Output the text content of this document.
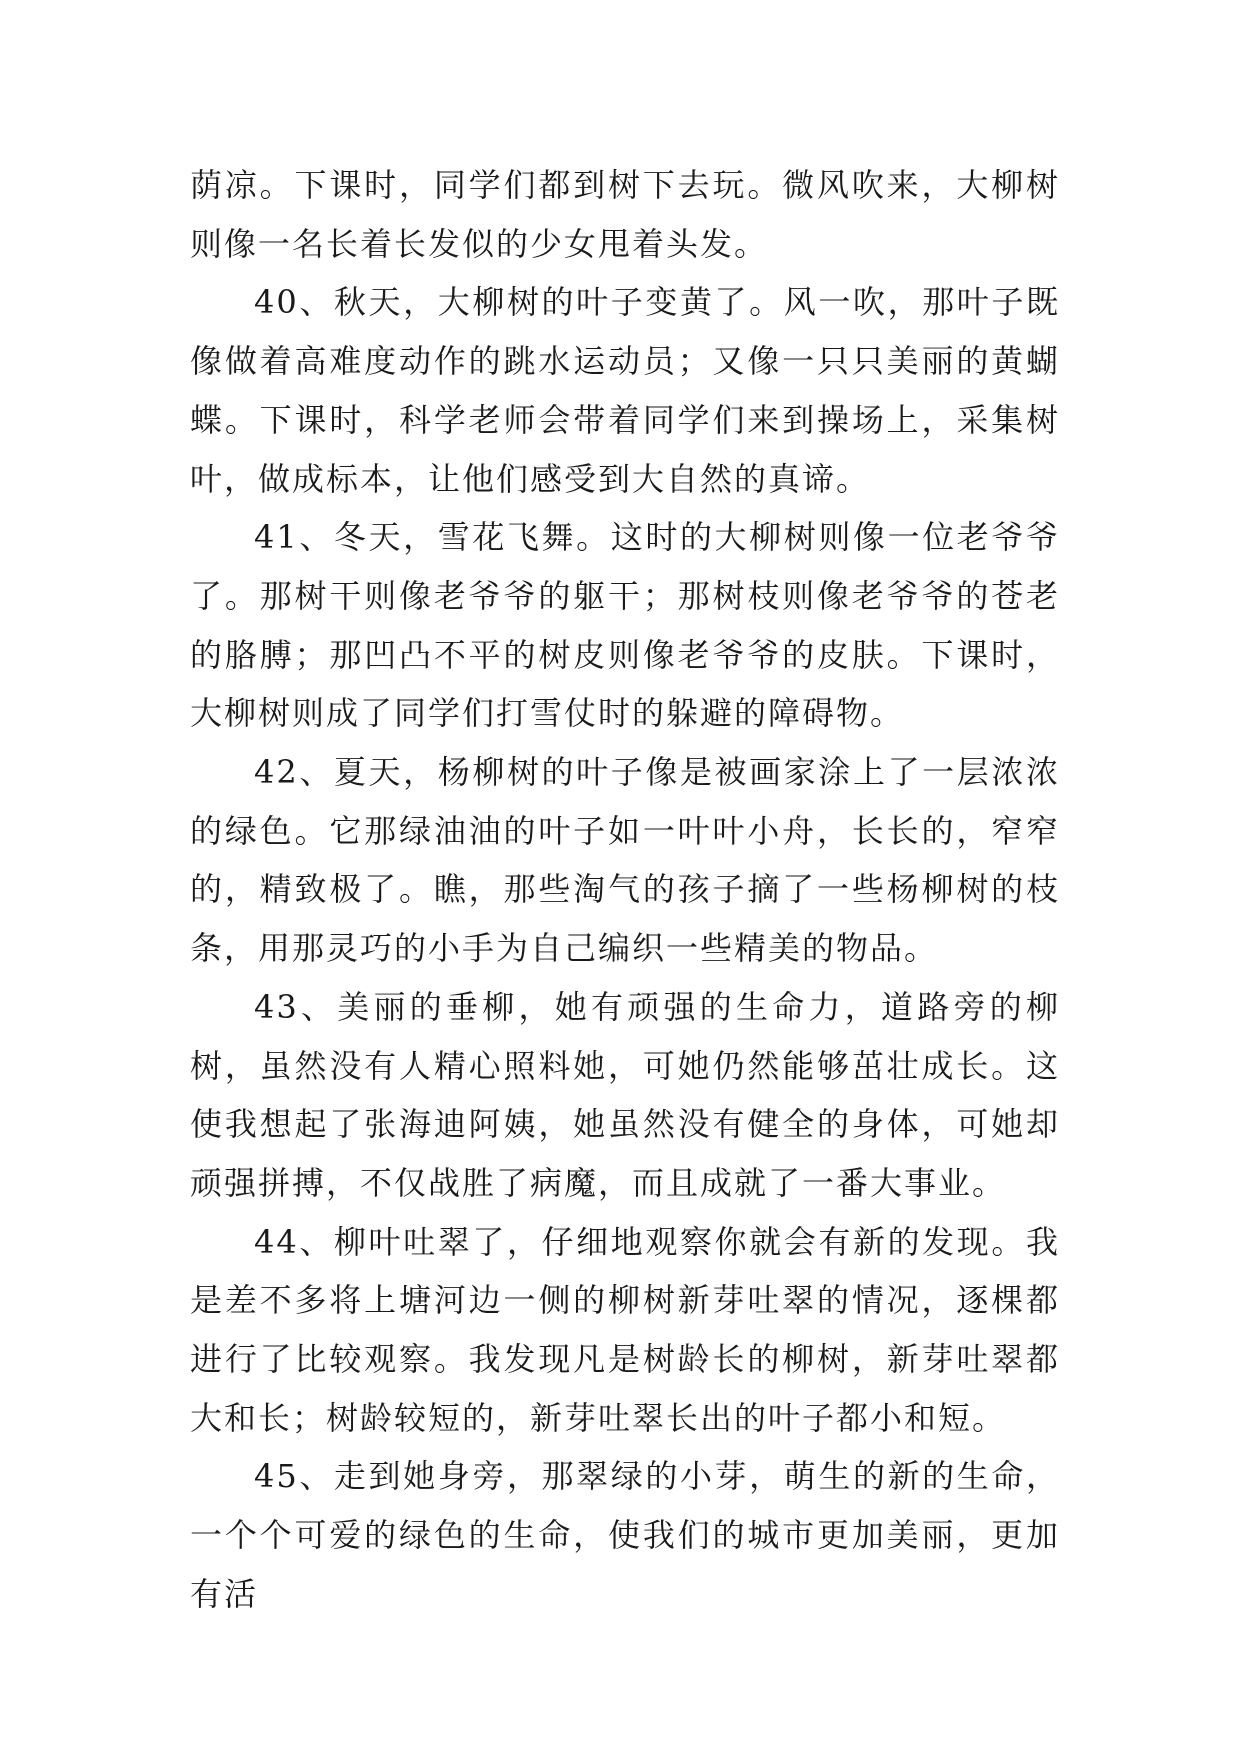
荫凉。下课时，同学们都到树下去玩。微风吹来，大柳树则像一名长着长发似的少女甩着头发。

40、秋天，大柳树的叶子变黄了。风一吹，那叶子既像做着高难度动作的跳水运动员；又像一只只美丽的黄蝴蝶。下课时，科学老师会带着同学们来到操场上，采集树叶，做成标本，让他们感受到大自然的真谛。

41、冬天，雪花飞舞。这时的大柳树则像一位老爷爷了。那树干则像老爷爷的躯干；那树枝则像老爷爷的苍老的胳膊；那凹凸不平的树皮则像老爷爷的皮肤。下课时，大柳树则成了同学们打雪仗时的躲避的障碍物。

42、夏天，杨柳树的叶子像是被画家涂上了一层浓浓的绿色。它那绿油油的叶子如一叶叶小舟，长长的，窄窄的，精致极了。瞧，那些淘气的孩子摘了一些杨柳树的枝条，用那灵巧的小手为自己编织一些精美的物品。

43、美丽的垂柳，她有顽强的生命力，道路旁的柳树，虽然没有人精心照料她，可她仍然能够茁壮成长。这使我想起了张海迪阿姨，她虽然没有健全的身体，可她却顽强拼搏，不仅战胜了病魔，而且成就了一番大事业。

44、柳叶吐翠了，仔细地观察你就会有新的发现。我是差不多将上塘河边一侧的柳树新芽吐翠的情况，逐棵都进行了比较观察。我发现凡是树龄长的柳树，新芽吐翠都大和长；树龄较短的，新芽吐翠长出的叶子都小和短。

45、走到她身旁，那翠绿的小芽，萌生的新的生命，一个个可爱的绿色的生命，使我们的城市更加美丽，更加有活
